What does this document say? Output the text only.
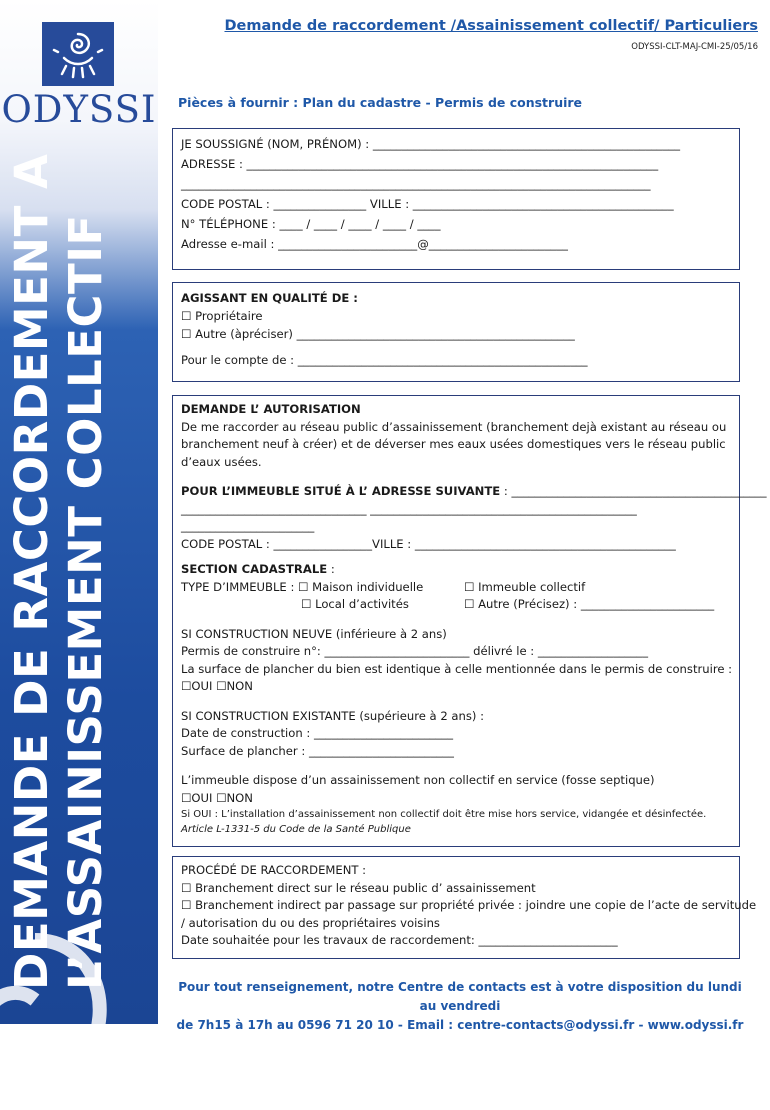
ODYSSI
DEMANDE DE RACCORDEMENT A L’ASSAINISSEMENT COLLECTIF
Demande de raccordement /Assainissement collectif/ Particuliers
ODYSSI-CLT-MAJ-CMI-25/05/16
Pièces à fournir : Plan du cadastre - Permis de construire
JE SOUSSIGNÉ (NOM, PRÉNOM) : _____________________________________________________
ADRESSE : _______________________________________________________________________
_________________________________________________________________________________
CODE POSTAL : ________________ VILLE : _____________________________________________
N° TÉLÉPHONE : ____ / ____ / ____ / ____ / ____
Adresse e-mail : ________________________@________________________
AGISSANT EN QUALITÉ DE :
☐ Propriétaire
☐ Autre (àpréciser) ________________________________________________
Pour le compte de : __________________________________________________
DEMANDE L’ AUTORISATION
De me raccorder au réseau public d’assainissement (branchement dejà existant au réseau ou
branchement neuf à créer) et de déverser mes eaux usées domestiques vers le réseau public
d’eaux usées.
POUR L’IMMEUBLE SITUÉ À L’ ADRESSE SUIVANTE : ____________________________________________
________________________________ ______________________________________________
_______________________
CODE POSTAL : _________________VILLE : _____________________________________________
SECTION CADASTRALE :
TYPE D’IMMEUBLE : ☐ Maison individuelle	☐ Immeuble collectif
☐ Local d’activités	☐ Autre (Précisez) : _______________________
SI CONSTRUCTION NEUVE (inférieure à 2 ans)
Permis de construire n°: _________________________ délivré le : ___________________
La surface de plancher du bien est identique à celle mentionnée dans le permis de construire :
☐OUI ☐NON
SI CONSTRUCTION EXISTANTE (supérieure à 2 ans) :
Date de construction : ________________________
Surface de plancher : _________________________
L’immeuble dispose d’un assainissement non collectif en service (fosse septique)
☐OUI ☐NON
Si OUI : L’installation d’assainissement non collectif doit être mise hors service, vidangée et désinfectée.
Article L-1331-5 du Code de la Santé Publique
PROCÉDÉ DE RACCORDEMENT :
☐ Branchement direct sur le réseau public d’ assainissement
☐ Branchement indirect par passage sur propriété privée : joindre une copie de l’acte de servitude
/ autorisation du ou des propriétaires voisins
Date souhaitée pour les travaux de raccordement: ________________________
Pour tout renseignement, notre Centre de contacts est à votre disposition du lundi au vendredi
de 7h15 à 17h au 0596 71 20 10 - Email : centre-contacts@odyssi.fr - www.odyssi.fr
